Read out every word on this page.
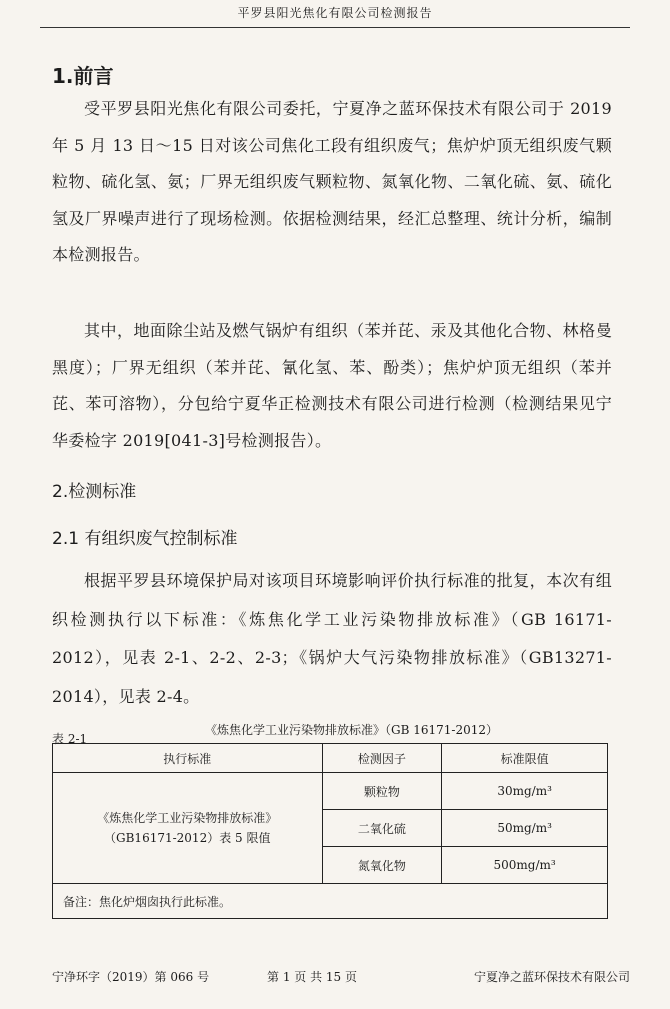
平罗县阳光焦化有限公司检测报告
1.前言
受平罗县阳光焦化有限公司委托，宁夏净之蓝环保技术有限公司于 2019 年 5 月 13 日～15 日对该公司焦化工段有组织废气；焦炉炉顶无组织废气颗粒物、硫化氢、氨；厂界无组织废气颗粒物、氮氧化物、二氧化硫、氨、硫化氢及厂界噪声进行了现场检测。依据检测结果，经汇总整理、统计分析，编制本检测报告。
其中，地面除尘站及燃气锅炉有组织（苯并芘、汞及其他化合物、林格曼黑度）；厂界无组织（苯并芘、氰化氢、苯、酚类）；焦炉炉顶无组织（苯并芘、苯可溶物），分包给宁夏华正检测技术有限公司进行检测（检测结果见宁华委检字 2019[041-3]号检测报告）。
2.检测标准
2.1 有组织废气控制标准
根据平罗县环境保护局对该项目环境影响评价执行标准的批复，本次有组织检测执行以下标准：《炼焦化学工业污染物排放标准》（GB 16171-2012），见表 2-1、2-2、2-3；《锅炉大气污染物排放标准》（GB13271-2014），见表 2-4。
《炼焦化学工业污染物排放标准》（GB 16171-2012）
表 2-1
执行标准	检测因子	标准限值

《炼焦化学工业污染物排放标准》
（GB16171-2012）表 5 限值	颗粒物	30mg/m³
	二氧化硫	50mg/m³
	氮氧化物	500mg/m³
备注：焦化炉烟囱执行此标准。		
宁净环字（2019）第 066 号	第 1 页 共 15 页	宁夏净之蓝环保技术有限公司
